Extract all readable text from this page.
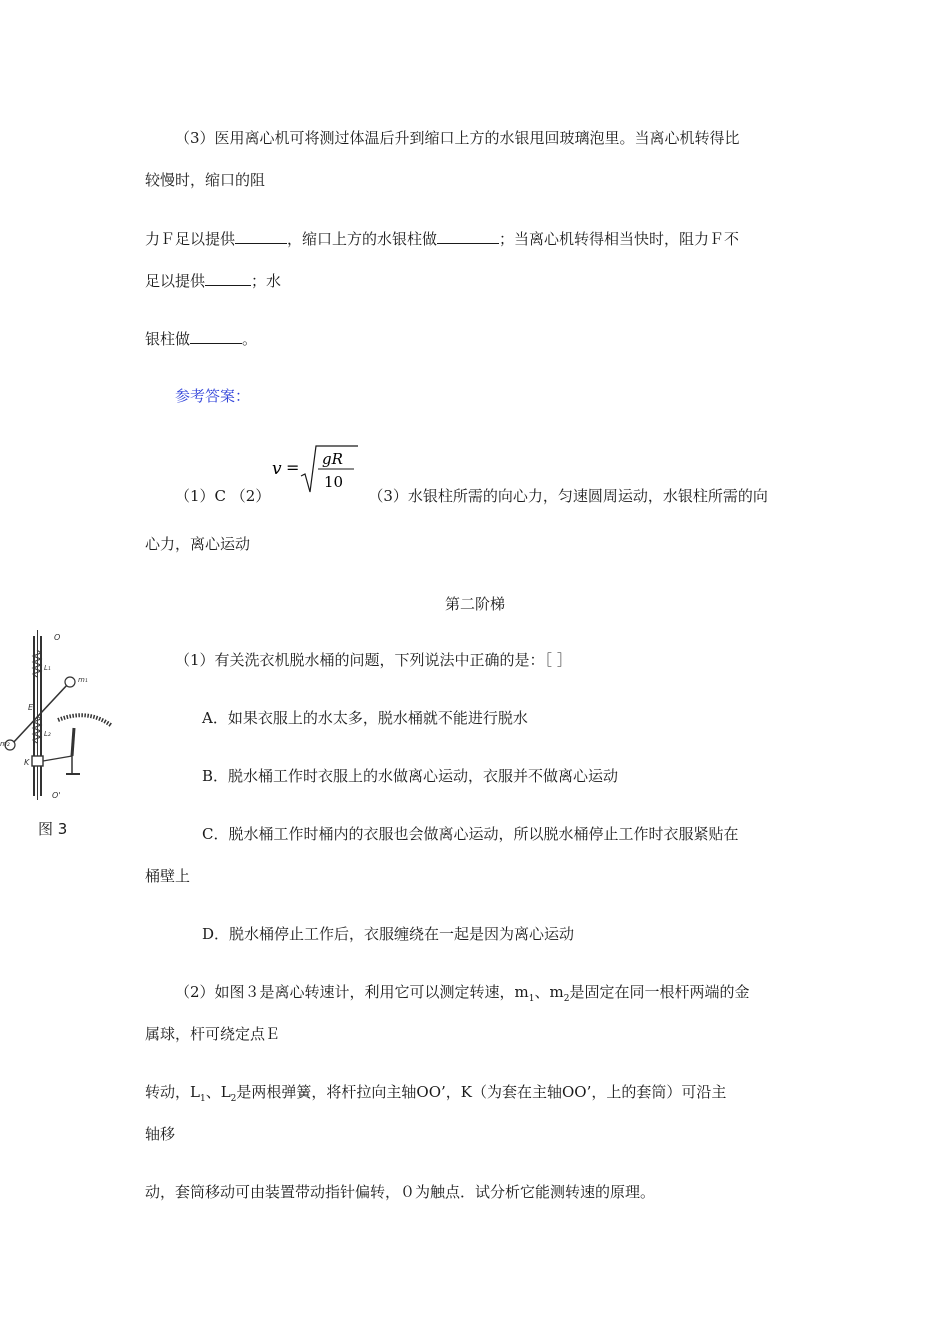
（3）医用离心机可将测过体温后升到缩口上方的水银甩回玻璃泡里。当离心机转得比
较慢时，缩口的阻
力Ｆ足以提供	，缩口上方的水银柱做	；当离心机转得相当快时，阻力Ｆ不
足以提供	；水
银柱做	。
参考答案：
v = gR
10
（1）C （2）	（3）水银柱所需的向心力，匀速圆周运动，水银柱所需的向
心力，离心运动
第二阶梯
O
O'
L₁
L₂
m₁
m₂
E
K
图 3
（1）有关洗衣机脱水桶的问题，下列说法中正确的是：［ ］
A．如果衣服上的水太多，脱水桶就不能进行脱水
B．脱水桶工作时衣服上的水做离心运动，衣服并不做离心运动
C．脱水桶工作时桶内的衣服也会做离心运动，所以脱水桶停止工作时衣服紧贴在
桶壁上
D．脱水桶停止工作后，衣服缠绕在一起是因为离心运动
（2）如图３是离心转速计，利用它可以测定转速，$m_1$、$m_2$是固定在同一根杆两端的金
属球，杆可绕定点Ｅ
转动，$L_1$、$L_2$是两根弹簧，将杆拉向主轴OO’，K（为套在主轴OO’，上的套筒）可沿主
轴移
动，套筒移动可由装置带动指针偏转，０为触点．试分析它能测转速的原理。
